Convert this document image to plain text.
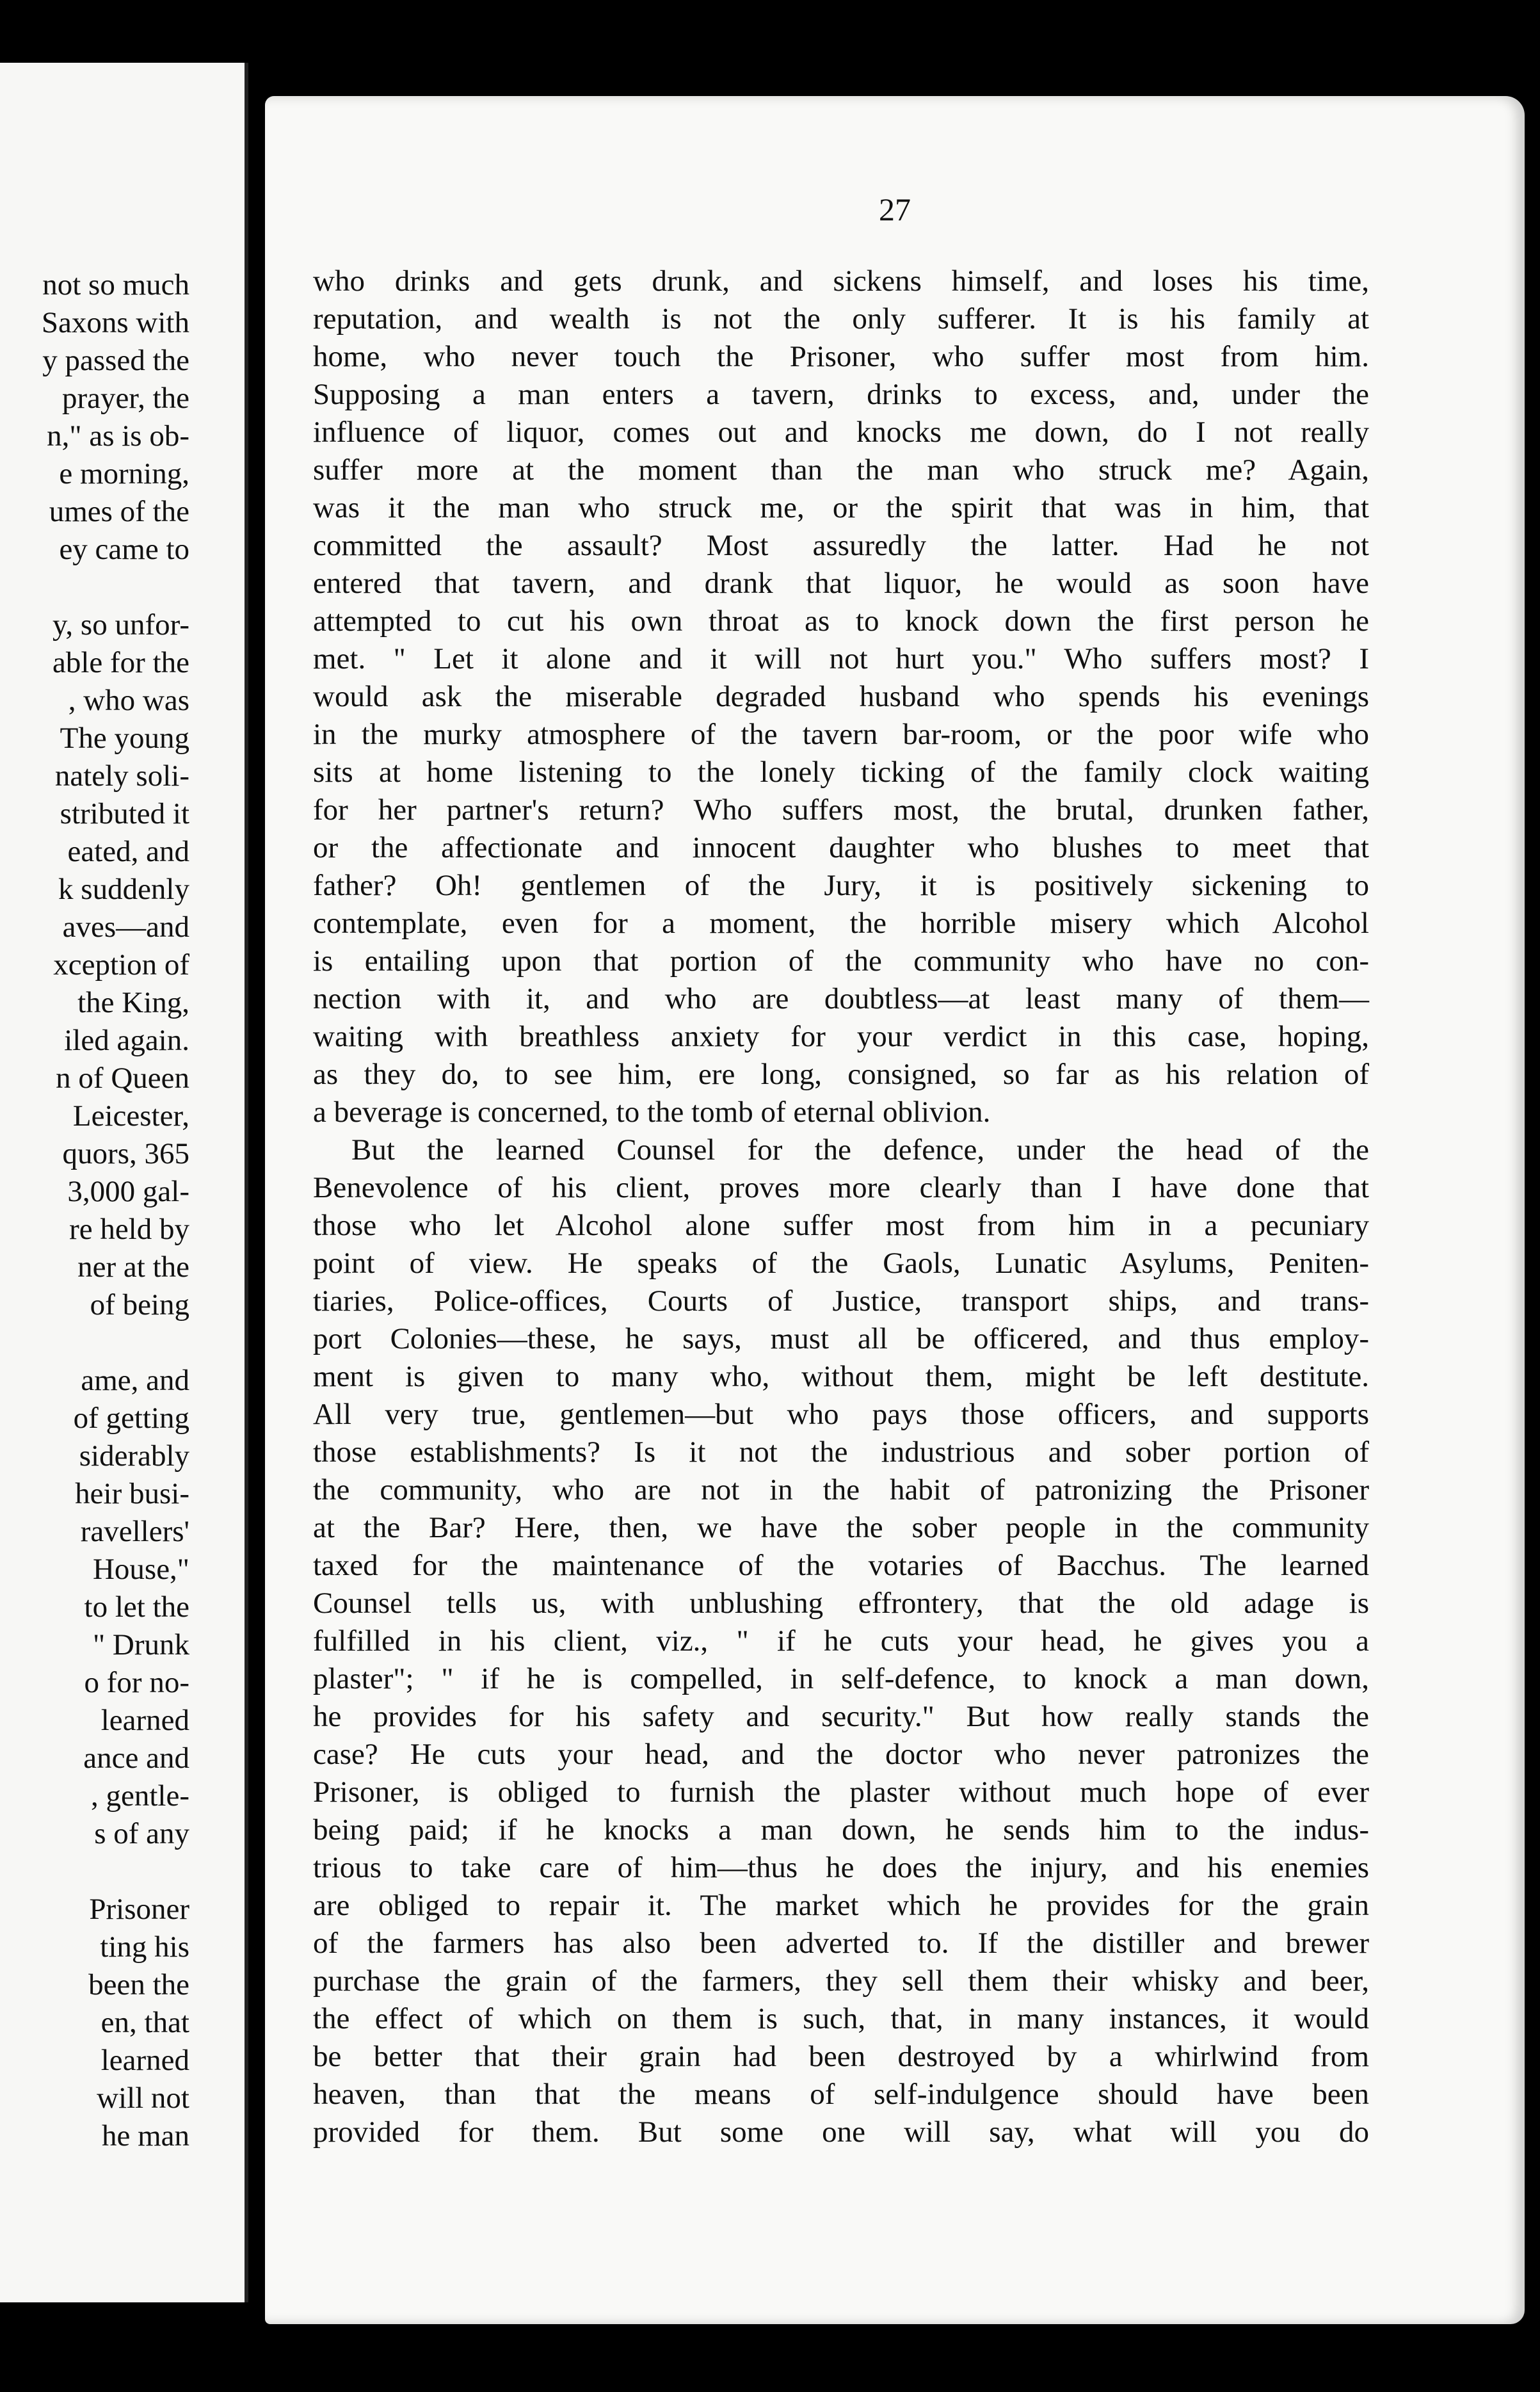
not so much
Saxons with
y passed the
prayer, the
n," as is ob-
e morning,
umes of the
ey came to
y, so unfor-
able for the
, who was
The young
nately soli-
stributed it
eated, and
k suddenly
aves—and
xception of
the King,
iled again.
n of Queen
Leicester,
quors, 365
3,000 gal-
re held by
ner at the
of being
ame, and
of getting
siderably
heir busi-
ravellers'
House,"
to let the
" Drunk
o for no-
learned
ance and
, gentle-
s of any
Prisoner
ting his
been the
en, that
learned
will not
he man
27
who drinks and gets drunk, and sickens himself, and loses his time,
reputation, and wealth is not the only sufferer. It is his family at
home, who never touch the Prisoner, who suffer most from him.
Supposing a man enters a tavern, drinks to excess, and, under the
influence of liquor, comes out and knocks me down, do I not really
suffer more at the moment than the man who struck me? Again,
was it the man who struck me, or the spirit that was in him, that
committed the assault? Most assuredly the latter. Had he not
entered that tavern, and drank that liquor, he would as soon have
attempted to cut his own throat as to knock down the first person he
met. " Let it alone and it will not hurt you." Who suffers most? I
would ask the miserable degraded husband who spends his evenings
in the murky atmosphere of the tavern bar-room, or the poor wife who
sits at home listening to the lonely ticking of the family clock waiting
for her partner's return? Who suffers most, the brutal, drunken father,
or the affectionate and innocent daughter who blushes to meet that
father? Oh! gentlemen of the Jury, it is positively sickening to
contemplate, even for a moment, the horrible misery which Alcohol
is entailing upon that portion of the community who have no con-
nection with it, and who are doubtless—at least many of them—
waiting with breathless anxiety for your verdict in this case, hoping,
as they do, to see him, ere long, consigned, so far as his relation of
a beverage is concerned, to the tomb of eternal oblivion.
But the learned Counsel for the defence, under the head of the
Benevolence of his client, proves more clearly than I have done that
those who let Alcohol alone suffer most from him in a pecuniary
point of view. He speaks of the Gaols, Lunatic Asylums, Peniten-
tiaries, Police-offices, Courts of Justice, transport ships, and trans-
port Colonies—these, he says, must all be officered, and thus employ-
ment is given to many who, without them, might be left destitute.
All very true, gentlemen—but who pays those officers, and supports
those establishments? Is it not the industrious and sober portion of
the community, who are not in the habit of patronizing the Prisoner
at the Bar? Here, then, we have the sober people in the community
taxed for the maintenance of the votaries of Bacchus. The learned
Counsel tells us, with unblushing effrontery, that the old adage is
fulfilled in his client, viz., " if he cuts your head, he gives you a
plaster"; " if he is compelled, in self-defence, to knock a man down,
he provides for his safety and security." But how really stands the
case? He cuts your head, and the doctor who never patronizes the
Prisoner, is obliged to furnish the plaster without much hope of ever
being paid; if he knocks a man down, he sends him to the indus-
trious to take care of him—thus he does the injury, and his enemies
are obliged to repair it. The market which he provides for the grain
of the farmers has also been adverted to. If the distiller and brewer
purchase the grain of the farmers, they sell them their whisky and beer,
the effect of which on them is such, that, in many instances, it would
be better that their grain had been destroyed by a whirlwind from
heaven, than that the means of self-indulgence should have been
provided for them. But some one will say, what will you do
